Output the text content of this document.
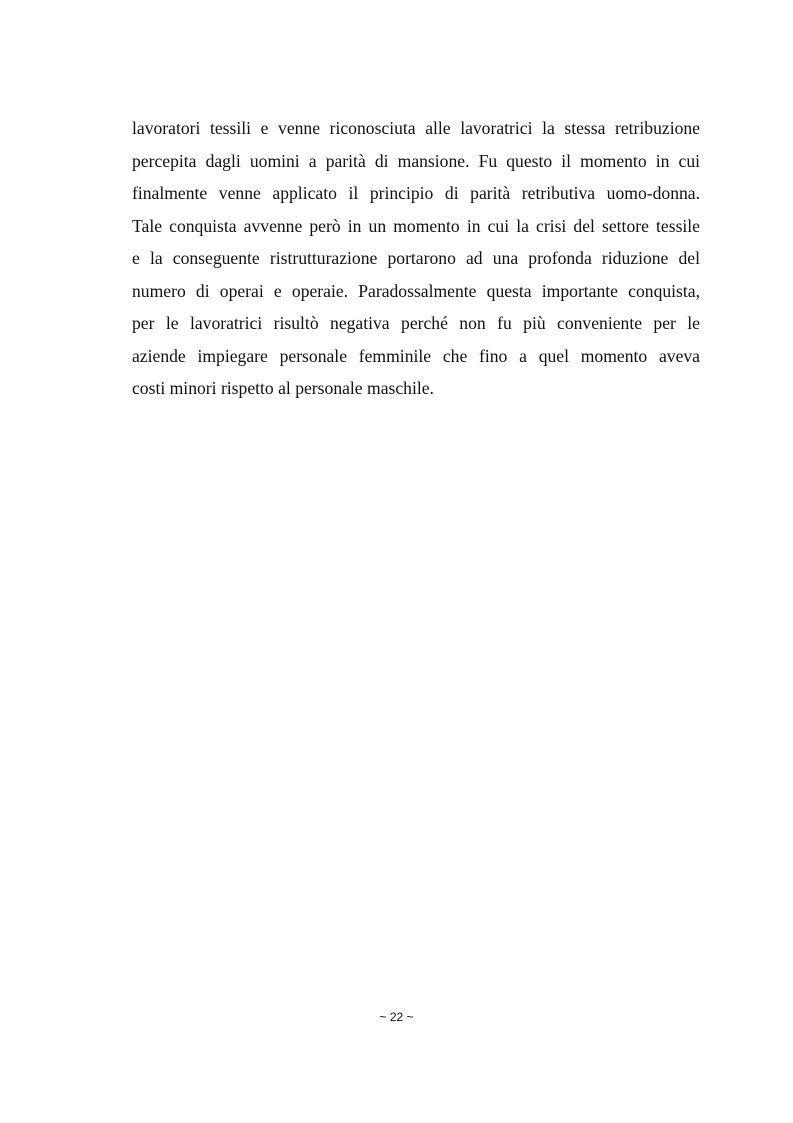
lavoratori tessili e venne riconosciuta alle lavoratrici la stessa retribuzione
percepita dagli uomini a parità di mansione. Fu questo il momento in cui
finalmente venne applicato il principio di parità retributiva uomo-donna.
Tale conquista avvenne però in un momento in cui la crisi del settore tessile
e la conseguente ristrutturazione portarono ad una profonda riduzione del
numero di operai e operaie. Paradossalmente questa importante conquista,
per le lavoratrici risultò negativa perché non fu più conveniente per le
aziende impiegare personale femminile che fino a quel momento aveva
costi minori rispetto al personale maschile.

~ 22 ~
